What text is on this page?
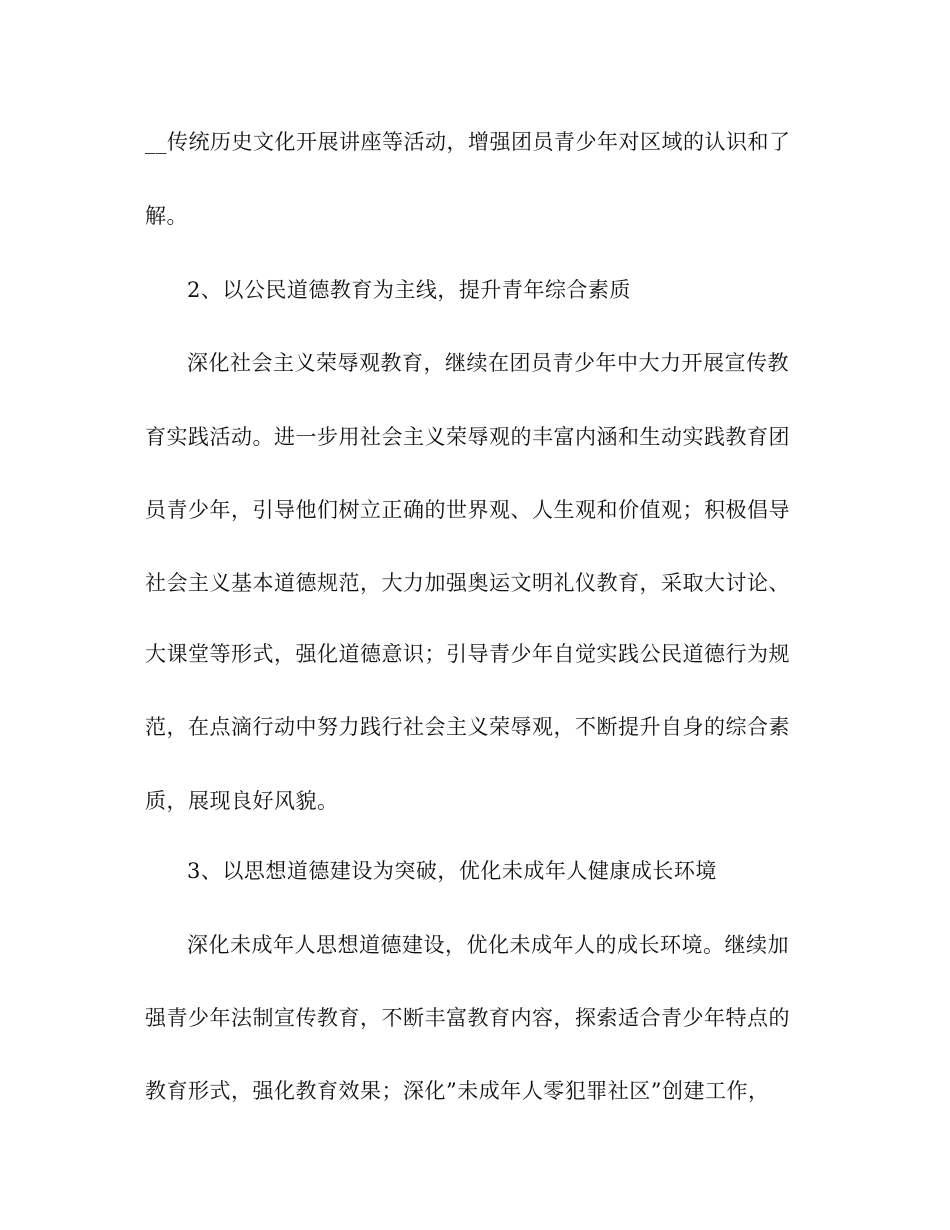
__传统历史文化开展讲座等活动，增强团员青少年对区域的认识和了
解。
2、以公民道德教育为主线，提升青年综合素质
深化社会主义荣辱观教育，继续在团员青少年中大力开展宣传教
育实践活动。进一步用社会主义荣辱观的丰富内涵和生动实践教育团
员青少年，引导他们树立正确的世界观、人生观和价值观；积极倡导
社会主义基本道德规范，大力加强奥运文明礼仪教育，采取大讨论、
大课堂等形式，强化道德意识；引导青少年自觉实践公民道德行为规
范，在点滴行动中努力践行社会主义荣辱观，不断提升自身的综合素
质，展现良好风貌。
3、以思想道德建设为突破，优化未成年人健康成长环境
深化未成年人思想道德建设，优化未成年人的成长环境。继续加
强青少年法制宣传教育，不断丰富教育内容，探索适合青少年特点的
教育形式，强化教育效果；深化”未成年人零犯罪社区”创建工作，
